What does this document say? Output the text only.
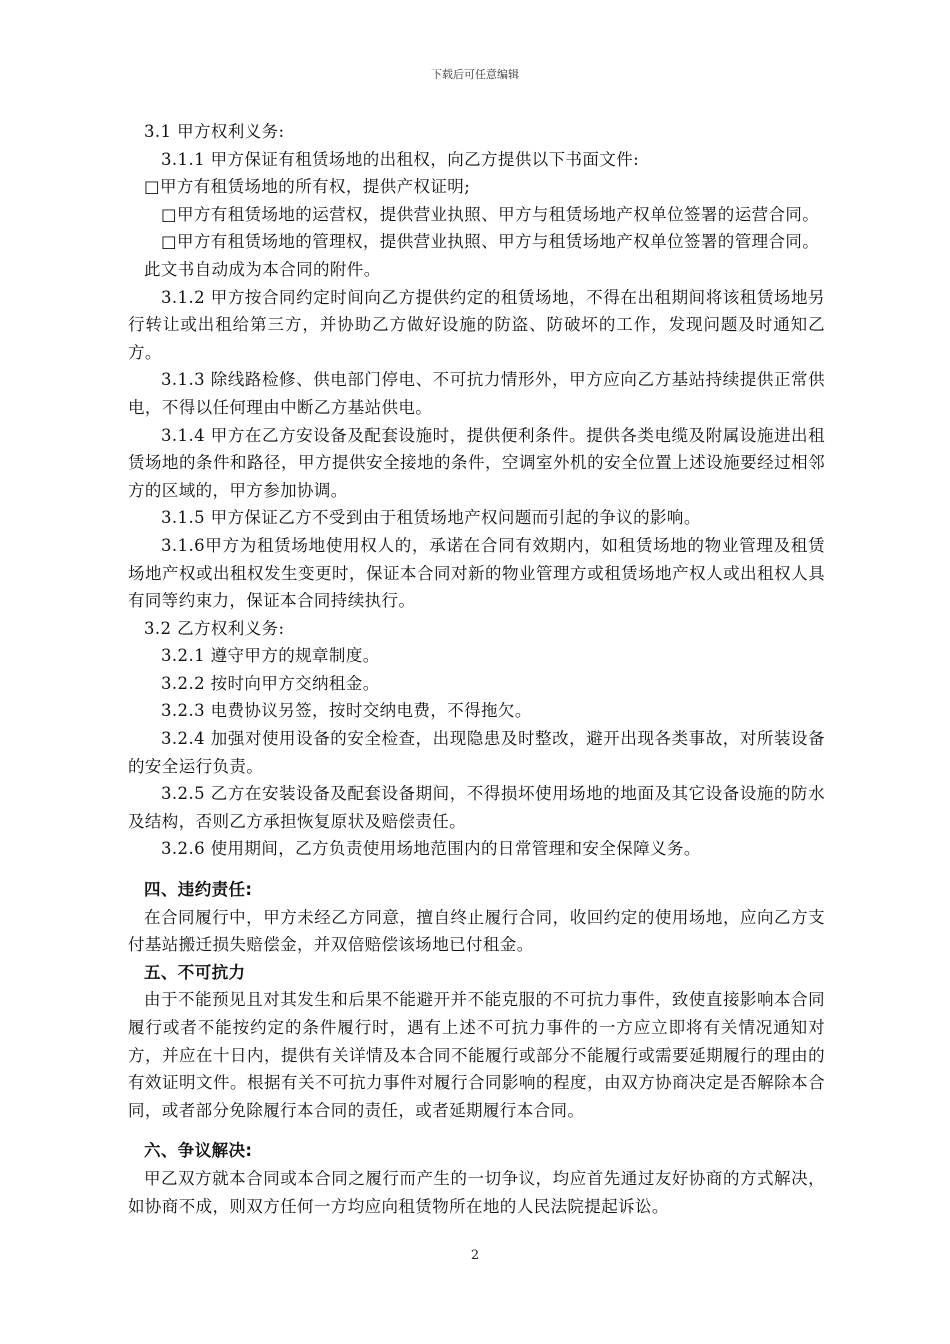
下载后可任意编辑

3.1 甲方权利义务:

3.1.1 甲方保证有租赁场地的出租权，向乙方提供以下书面文件:

□甲方有租赁场地的所有权，提供产权证明;

□甲方有租赁场地的运营权，提供营业执照、甲方与租赁场地产权单位签署的运营合同。

□甲方有租赁场地的管理权，提供营业执照、甲方与租赁场地产权单位签署的管理合同。

此文书自动成为本合同的附件。

3.1.2 甲方按合同约定时间向乙方提供约定的租赁场地，不得在出租期间将该租赁场地另行转让或出租给第三方，并协助乙方做好设施的防盗、防破坏的工作，发现问题及时通知乙方。

3.1.3 除线路检修、供电部门停电、不可抗力情形外，甲方应向乙方基站持续提供正常供电，不得以任何理由中断乙方基站供电。

3.1.4 甲方在乙方安设备及配套设施时，提供便利条件。提供各类电缆及附属设施进出租赁场地的条件和路径，甲方提供安全接地的条件，空调室外机的安全位置上述设施要经过相邻方的区域的，甲方参加协调。

3.1.5 甲方保证乙方不受到由于租赁场地产权问题而引起的争议的影响。

3.1.6甲方为租赁场地使用权人的，承诺在合同有效期内，如租赁场地的物业管理及租赁场地产权或出租权发生变更时，保证本合同对新的物业管理方或租赁场地产权人或出租权人具有同等约束力，保证本合同持续执行。

3.2 乙方权利义务:

3.2.1 遵守甲方的规章制度。

3.2.2 按时向甲方交纳租金。

3.2.3 电费协议另签，按时交纳电费，不得拖欠。

3.2.4 加强对使用设备的安全检查，出现隐患及时整改，避开出现各类事故，对所装设备的安全运行负责。

3.2.5 乙方在安装设备及配套设备期间，不得损坏使用场地的地面及其它设备设施的防水及结构，否则乙方承担恢复原状及赔偿责任。

3.2.6 使用期间，乙方负责使用场地范围内的日常管理和安全保障义务。

四、违约责任:

在合同履行中，甲方未经乙方同意，擅自终止履行合同，收回约定的使用场地，应向乙方支付基站搬迁损失赔偿金，并双倍赔偿该场地已付租金。

五、不可抗力

由于不能预见且对其发生和后果不能避开并不能克服的不可抗力事件，致使直接影响本合同履行或者不能按约定的条件履行时，遇有上述不可抗力事件的一方应立即将有关情况通知对方，并应在十日内，提供有关详情及本合同不能履行或部分不能履行或需要延期履行的理由的有效证明文件。根据有关不可抗力事件对履行合同影响的程度，由双方协商决定是否解除本合同，或者部分免除履行本合同的责任，或者延期履行本合同。

六、争议解决:

甲乙双方就本合同或本合同之履行而产生的一切争议，均应首先通过友好协商的方式解决，如协商不成，则双方任何一方均应向租赁物所在地的人民法院提起诉讼。

2
